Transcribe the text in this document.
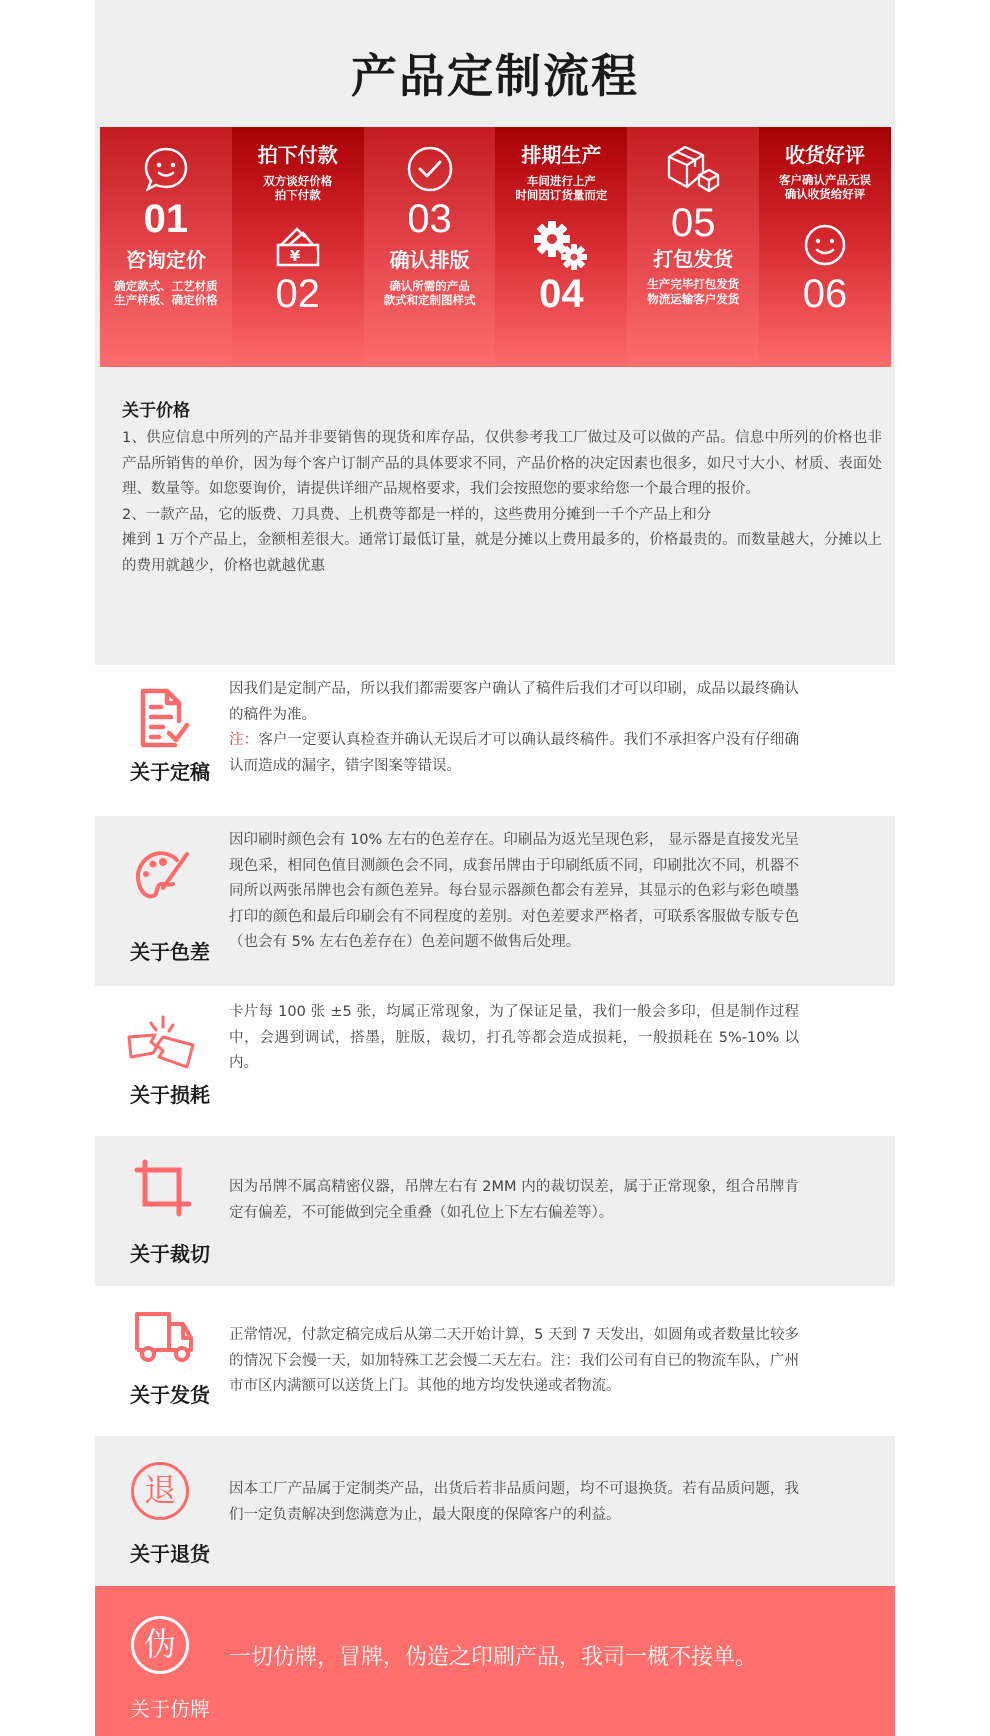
产品定制流程
01
咨询定价
确定款式、工艺材质
生产样板、确定价格
拍下付款
双方谈好价格
拍下付款
¥
02
03
确认排版
确认所需的产品
款式和定制图样式
排期生产
车间进行上产
时间因订货量而定
04
05
打包发货
生产完毕打包发货
物流运输客户发货
收货好评
客户确认产品无误
确认收货给好评
06
关于价格

1、供应信息中所列的产品并非要销售的现货和库存品，仅供参考我工厂做过及可以做的产品。信息中所列的价格也非产品所销售的单价，因为每个客户订制产品的具体要求不同，产品价格的决定因素也很多，如尺寸大小、材质、表面处理、数量等。如您要询价，请提供详细产品规格要求，我们会按照您的要求给您一个最合理的报价。

2、一款产品，它的版费、刀具费、上机费等都是一样的，这些费用分摊到一千个产品上和分

摊到 1 万个产品上，金额相差很大。通常订最低订量，就是分摊以上费用最多的，价格最贵的。而数量越大，分摊以上的费用就越少，价格也就越优惠

关于定稿
因我们是定制产品，所以我们都需要客户确认了稿件后我们才可以印刷，成品以最终确认的稿件为准。
注：客户一定要认真检查并确认无误后才可以确认最终稿件。我们不承担客户没有仔细确认而造成的漏字，错字图案等错误。
关于色差
因印刷时颜色会有 10% 左右的色差存在。印刷品为返光呈现色彩， 显示器是直接发光呈现色采，相同色值目测颜色会不同，成套吊牌由于印刷纸质不同，印刷批次不同，机器不同所以两张吊牌也会有颜色差异。每台显示器颜色都会有差异，其显示的色彩与彩色喷墨打印的颜色和最后印刷会有不同程度的差别。对色差要求严格者，可联系客服做专版专色（也会有 5% 左右色差存在）色差问题不做售后处理。
关于损耗
卡片每 100 张 ±5 张，均属正常现象，为了保证足量，我们一般会多印，但是制作过程中，会遇到调试，搭墨，脏版，裁切，打孔等都会造成损耗，一般损耗在 5%-10% 以内。
关于裁切
因为吊牌不属高精密仪器，吊牌左右有 2MM 内的裁切误差，属于正常现象，组合吊牌肯定有偏差，不可能做到完全重叠（如孔位上下左右偏差等）。
关于发货
正常情况，付款定稿完成后从第二天开始计算，5 天到 7 天发出，如圆角或者数量比较多的情况下会慢一天，如加特殊工艺会慢二天左右。注：我们公司有自已的物流车队，广州市市区内满额可以送货上门。其他的地方均发快递或者物流。
退
关于退货
因本工厂产品属于定制类产品，出货后若非品质问题，均不可退换货。若有品质问题，我们一定负责解决到您满意为止，最大限度的保障客户的利益。
伪
关于仿牌
一切仿牌，冒牌，伪造之印刷产品，我司一概不接单。
